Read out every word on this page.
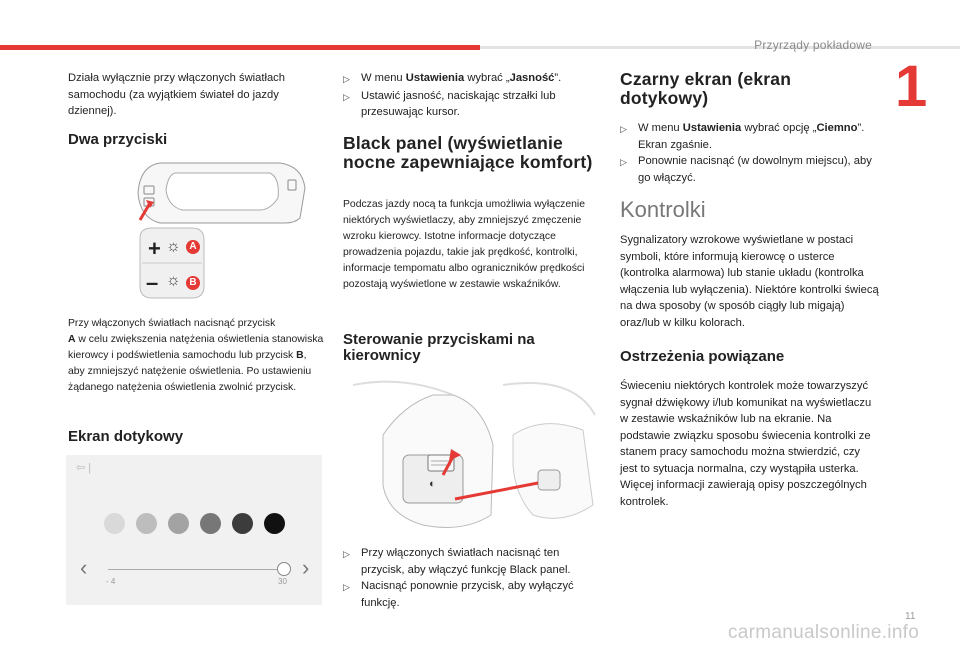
Przyrządy pokładowe
1

Działa wyłącznie przy włączonych światłach samochodu (za wyjątkiem świateł do jazdy dziennej).

Dwa przyciski
+ ☼ A
– ☼ B

Przy włączonych światłach nacisnąć przycisk
A w celu zwiększenia natężenia oświetlenia stanowiska kierowcy i podświetlenia samochodu lub przycisk B, aby zmniejszyć natężenie oświetlenia. Po ustawieniu żądanego natężenia oświetlenia zwolnić przycisk.

Ekran dotykowy
⇦ |
‹	›
- 4	30
▷ W menu Ustawienia wybrać „Jasność”.
▷ Ustawić jasność, naciskając strzałki lub przesuwając kursor.
Black panel (wyświetlanie nocne zapewniające komfort)

Podczas jazdy nocą ta funkcja umożliwia wyłączenie niektórych wyświetlaczy, aby zmniejszyć zmęczenie wzroku kierowcy. Istotne informacje dotyczące prowadzenia pojazdu, takie jak prędkość, kontrolki, informacje tempomatu albo ograniczników prędkości pozostają wyświetlone w zestawie wskaźników.

Sterowanie przyciskami na kierownicy
◐
▷ Przy włączonych światłach nacisnąć ten przycisk, aby włączyć funkcję Black panel.
▷ Nacisnąć ponownie przycisk, aby wyłączyć funkcję.
Czarny ekran (ekran dotykowy)
▷ W menu Ustawienia wybrać opcję „Ciemno”. Ekran zgaśnie.
▷ Ponownie nacisnąć (w dowolnym miejscu), aby go włączyć.
Kontrolki

Sygnalizatory wzrokowe wyświetlane w postaci symboli, które informują kierowcę o usterce (kontrolka alarmowa) lub stanie układu (kontrolka włączenia lub wyłączenia). Niektóre kontrolki świecą na dwa sposoby (w sposób ciągły lub migają) oraz/lub w kilku kolorach.

Ostrzeżenia powiązane

Świeceniu niektórych kontrolek może towarzyszyć sygnał dźwiękowy i/lub komunikat na wyświetlaczu w zestawie wskaźników lub na ekranie. Na podstawie związku sposobu świecenia kontrolki ze stanem pracy samochodu można stwierdzić, czy jest to sytuacja normalna, czy wystąpiła usterka. Więcej informacji zawierają opisy poszczególnych kontrolek.

11
carmanualsonline.info
